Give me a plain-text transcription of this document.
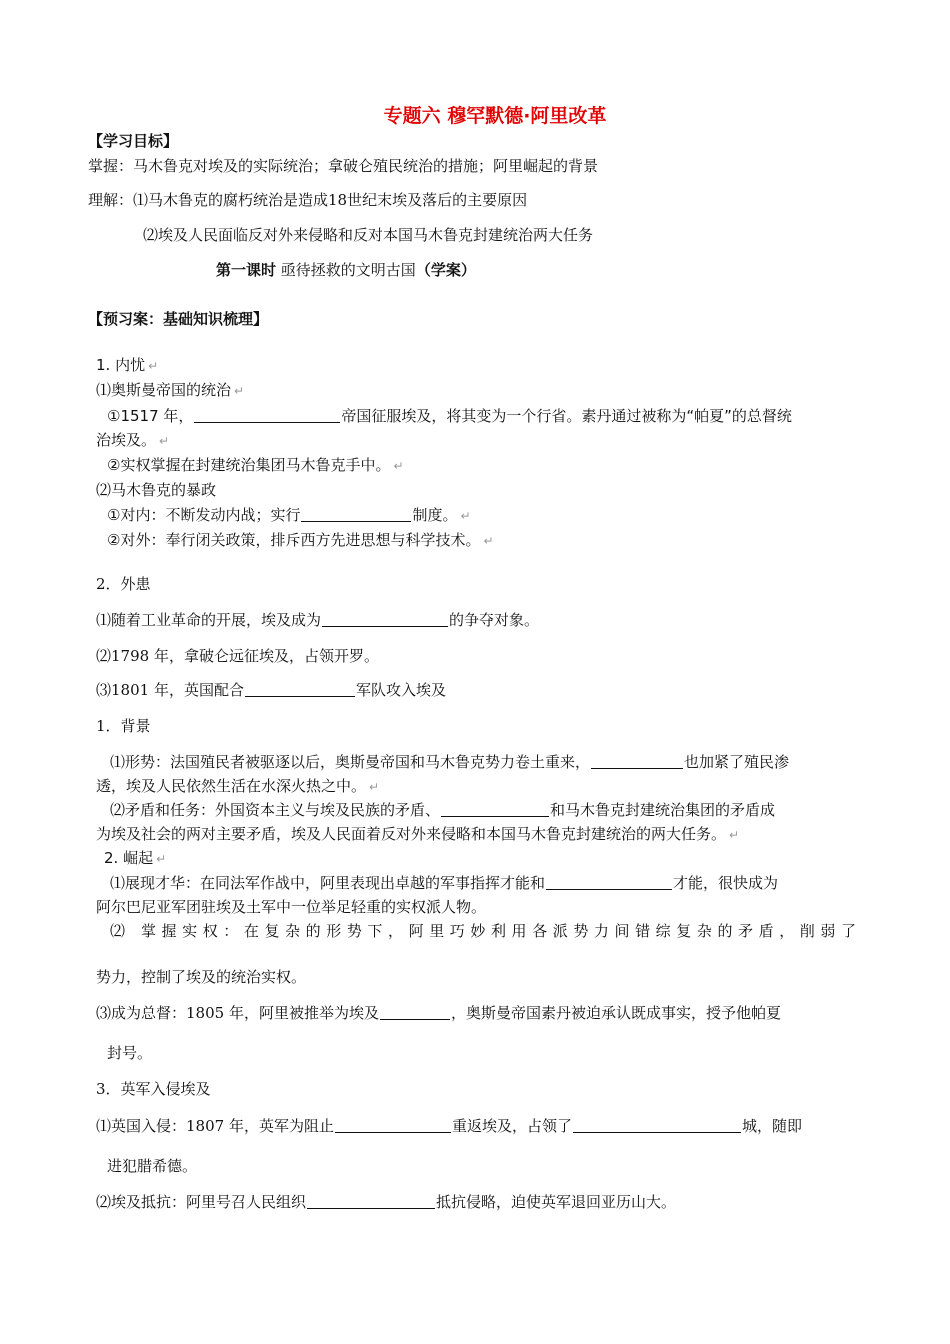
专题六 穆罕默德·阿里改革
【学习目标】
掌握：马木鲁克对埃及的实际统治；拿破仑殖民统治的措施；阿里崛起的背景
理解：⑴马木鲁克的腐朽统治是造成18世纪末埃及落后的主要原因
⑵埃及人民面临反对外来侵略和反对本国马木鲁克封建统治两大任务
第一课时 亟待拯救的文明古国（学案）
【预习案：基础知识梳理】
1. 内忧 ↵
⑴奥斯曼帝国的统治 ↵
①1517 年，	帝国征服埃及，将其变为一个行省。素丹通过被称为“帕夏”的总督统
治埃及。 ↵
②实权掌握在封建统治集团马木鲁克手中。 ↵
⑵马木鲁克的暴政
①对内：不断发动内战；实行	制度。 ↵
②对外：奉行闭关政策，排斥西方先进思想与科学技术。 ↵
2．外患
⑴随着工业革命的开展，埃及成为	的争夺对象。
⑵1798 年，拿破仑远征埃及，占领开罗。
⑶1801 年，英国配合	军队攻入埃及
1．背景
⑴形势：法国殖民者被驱逐以后，奥斯曼帝国和马木鲁克势力卷土重来，	也加紧了殖民渗
透，埃及人民依然生活在水深火热之中。 ↵
⑵矛盾和任务：外国资本主义与埃及民族的矛盾、	和马木鲁克封建统治集团的矛盾成
为埃及社会的两对主要矛盾，埃及人民面着反对外来侵略和本国马木鲁克封建统治的两大任务。 ↵
2. 崛起 ↵
⑴展现才华：在同法军作战中，阿里表现出卓越的军事指挥才能和	才能，很快成为
阿尔巴尼亚军团驻埃及土军中一位举足轻重的实权派人物。
⑵ 掌握实权：在复杂的形势下，阿里巧妙利用各派势力间错综复杂的矛盾，削弱了
势力，控制了埃及的统治实权。
⑶成为总督：1805 年，阿里被推举为埃及	，奥斯曼帝国素丹被迫承认既成事实，授予他帕夏
封号。
3．英军入侵埃及
⑴英国入侵：1807 年，英军为阻止	重返埃及，占领了	城，随即
进犯腊希德。
⑵埃及抵抗：阿里号召人民组织	抵抗侵略，迫使英军退回亚历山大。
